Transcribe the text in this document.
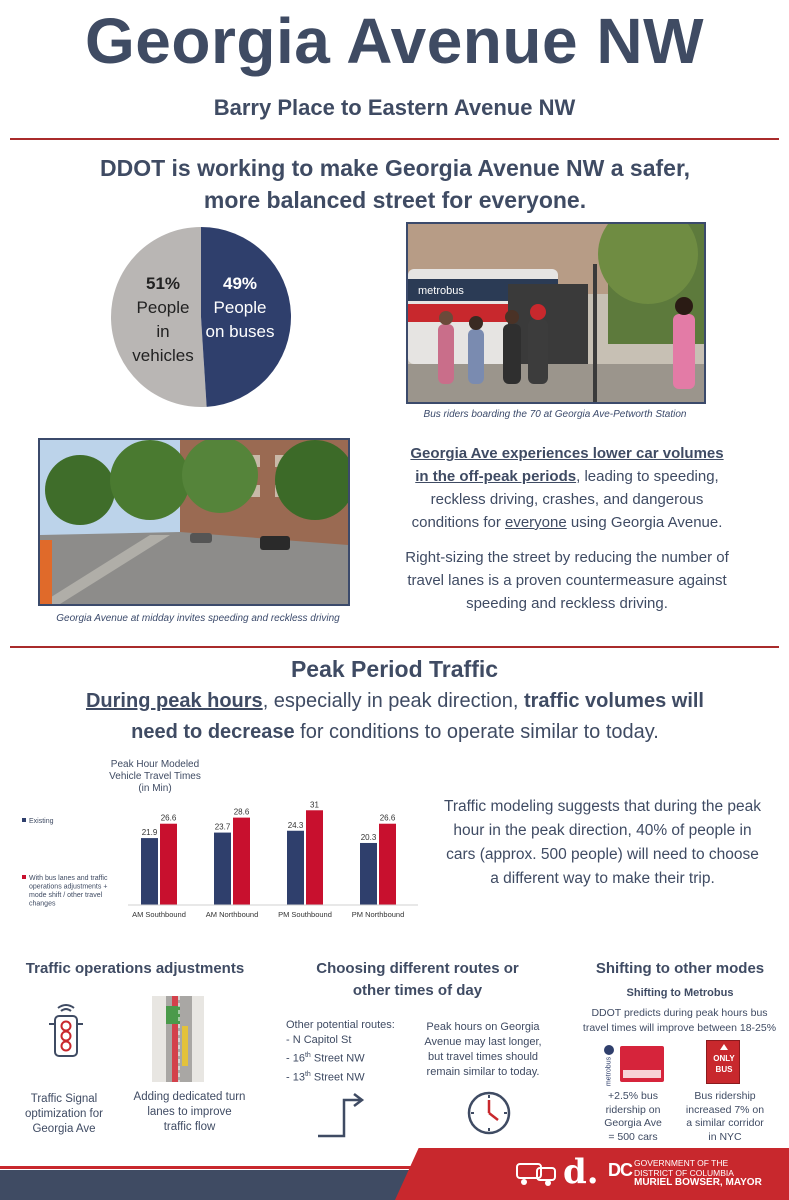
Georgia Avenue NW
Barry Place to Eastern Avenue NW
DDOT is working to make Georgia Avenue NW a safer,
more balanced street for everyone.
51%
People
in
vehicles
49%
People
on buses
metrobus
Bus riders boarding the 70 at Georgia Ave-Petworth Station
Georgia Avenue at midday invites speeding and reckless driving
Georgia Ave experiences lower car volumes
in the off-peak periods, leading to speeding,
reckless driving, crashes, and dangerous
conditions for everyone using Georgia Avenue.
Right-sizing the street by reducing the number of
travel lanes is a proven countermeasure against
speeding and reckless driving.
Peak Period Traffic
During peak hours, especially in peak direction, traffic volumes will
need to decrease for conditions to operate similar to today.
Peak Hour Modeled
Vehicle Travel Times
(in Min)
Existing
With bus lanes and traffic
operations adjustments +
mode shift / other travel
changes
21.9
26.6
AM Southbound
23.7
28.6
AM Northbound
24.3
31
PM Southbound
20.3
26.6
PM Northbound
Traffic modeling suggests that during the peak
hour in the peak direction, 40% of people in
cars (approx. 500 people) will need to choose
a different way to make their trip.
Traffic operations adjustments
Traffic Signal
optimization for
Georgia Ave
Adding dedicated turn
lanes to improve
traffic flow
Choosing different routes or
other times of day
Other potential routes:
- N Capitol St
- 16th Street NW
- 13th Street NW
Peak hours on Georgia
Avenue may last longer,
but travel times should
remain similar to today.
Shifting to other modes
Shifting to Metrobus
DDOT predicts during peak hours bus
travel times will improve between 18-25%
metrobus	ONLY
BUS
+2.5% bus
ridership on
Georgia Ave
= 500 cars
Bus ridership
increased 7% on
a similar corridor
in NYC
d. DC GOVERNMENT OF THE
DISTRICT OF COLUMBIA
MURIEL BOWSER, MAYOR
